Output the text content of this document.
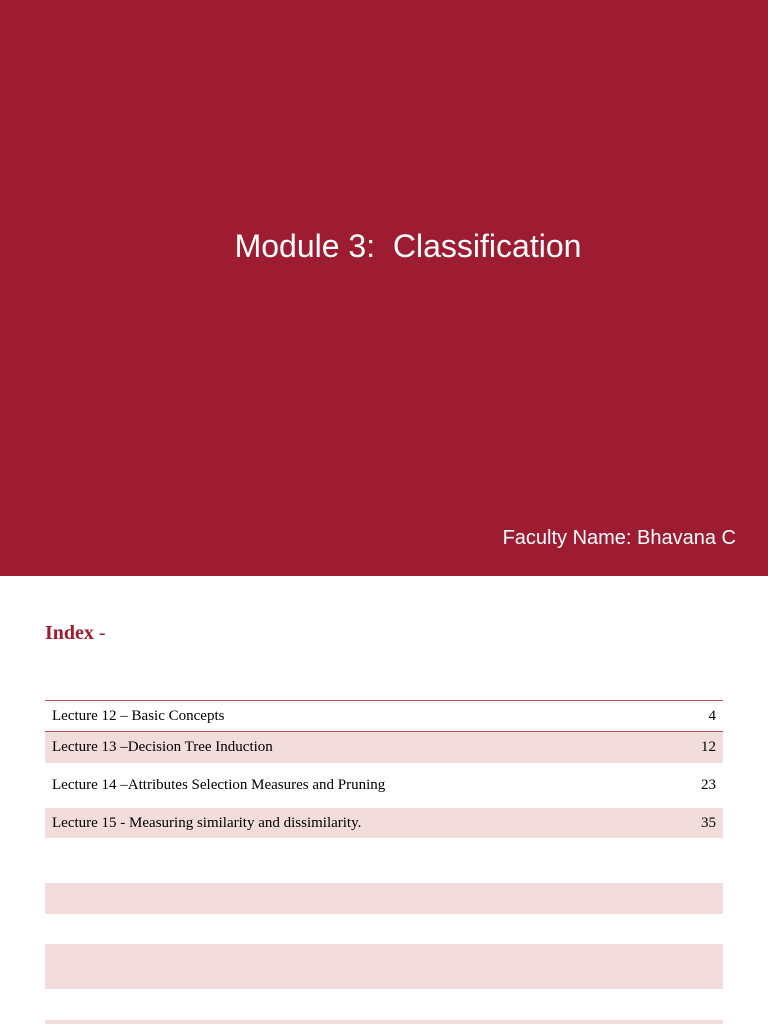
Module 3:  Classification
Faculty Name: Bhavana C
Index -
Lecture 12 – Basic Concepts	4
Lecture 13 –Decision Tree Induction	12
Lecture 14 –Attributes Selection Measures and Pruning	23
Lecture 15 - Measuring similarity and dissimilarity.	35
